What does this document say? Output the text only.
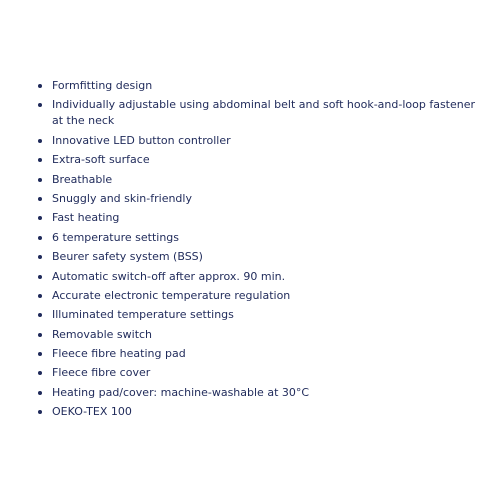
Formfitting design
Individually adjustable using abdominal belt and soft hook-and-loop fastener at the neck
Innovative LED button controller
Extra-soft surface
Breathable
Snuggly and skin-friendly
Fast heating
6 temperature settings
Beurer safety system (BSS)
Automatic switch-off after approx. 90 min.
Accurate electronic temperature regulation
Illuminated temperature settings
Removable switch
Fleece fibre heating pad
Fleece fibre cover
Heating pad/cover: machine-washable at 30°C
OEKO-TEX 100
